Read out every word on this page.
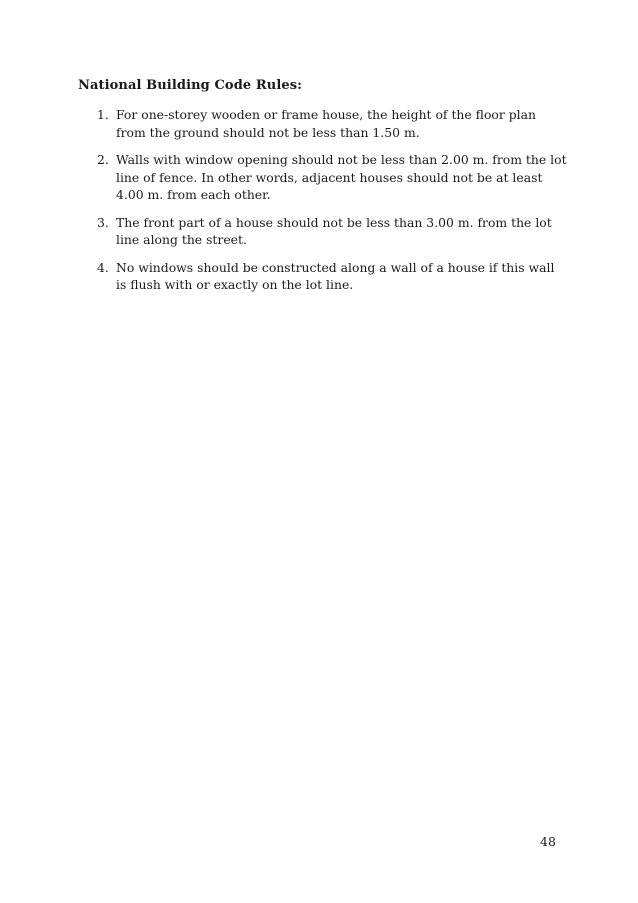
National Building Code Rules:
1. For one-storey wooden or frame house, the height of the floor plan from the ground should not be less than 1.50 m.
2. Walls with window opening should not be less than 2.00 m. from the lot line of fence. In other words, adjacent houses should not be at least 4.00 m. from each other.
3. The front part of a house should not be less than 3.00 m. from the lot line along the street.
4. No windows should be constructed along a wall of a house if this wall is flush with or exactly on the lot line.
48
